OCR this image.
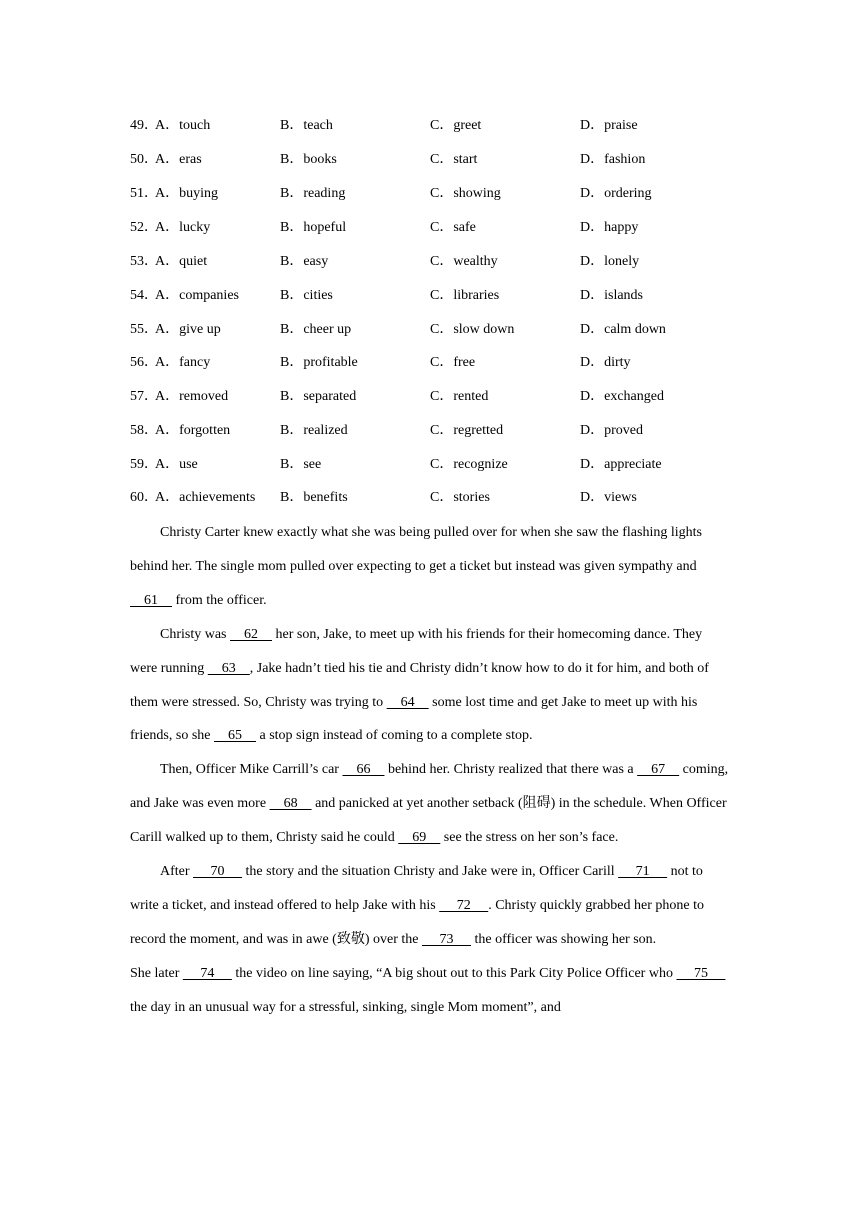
49．
A．touch	B．teach	C．greet	D．praise
50．
A．eras	B．books	C．start	D．fashion
51．
A．buying	B．reading	C．showing	D．ordering
52．
A．lucky	B．hopeful	C．safe	D．happy
53．
A．quiet	B．easy	C．wealthy	D．lonely
54．
A．companies	B．cities	C．libraries	D．islands
55．
A．give up	B．cheer up	C．slow down	D．calm down
56．
A．fancy	B．profitable	C．free	D．dirty
57．
A．removed	B．separated	C．rented	D．exchanged
58．
A．forgotten	B．realized	C．regretted	D．proved
59．
A．use	B．see	C．recognize	D．appreciate
60．
A．achievements B．benefits	C．stories	D．views

Christy Carter knew exactly what she was being pulled over for when she saw the flashing lights behind her. The single mom pulled over expecting to get a ticket but instead was given sympathy and     61     from the officer.

Christy was     62     her son, Jake, to meet up with his friends for their homecoming dance. They were running     63    , Jake hadn’t tied his tie and Christy didn’t know how to do it for him, and both of them were stressed. So, Christy was trying to     64     some lost time and get Jake to meet up with his friends, so she     65     a stop sign instead of coming to a complete stop.

Then, Officer Mike Carrill’s car     66     behind her. Christy realized that there was a     67     coming, and Jake was even more     68     and panicked at yet another setback (阻碍) in the schedule. When Officer Carill walked up to them, Christy said he could     69     see the stress on her son’s face.

After      70      the story and the situation Christy and Jake were in, Officer Carill      71      not to write a ticket, and instead offered to help Jake with his      72     . Christy quickly grabbed her phone to record the moment, and was in awe (致敬) over the      73      the officer was showing her son.

She later      74      the video on line saying, “A big shout out to this Park City Police Officer who      75      the day in an unusual way for a stressful, sinking, single Mom moment”, and
